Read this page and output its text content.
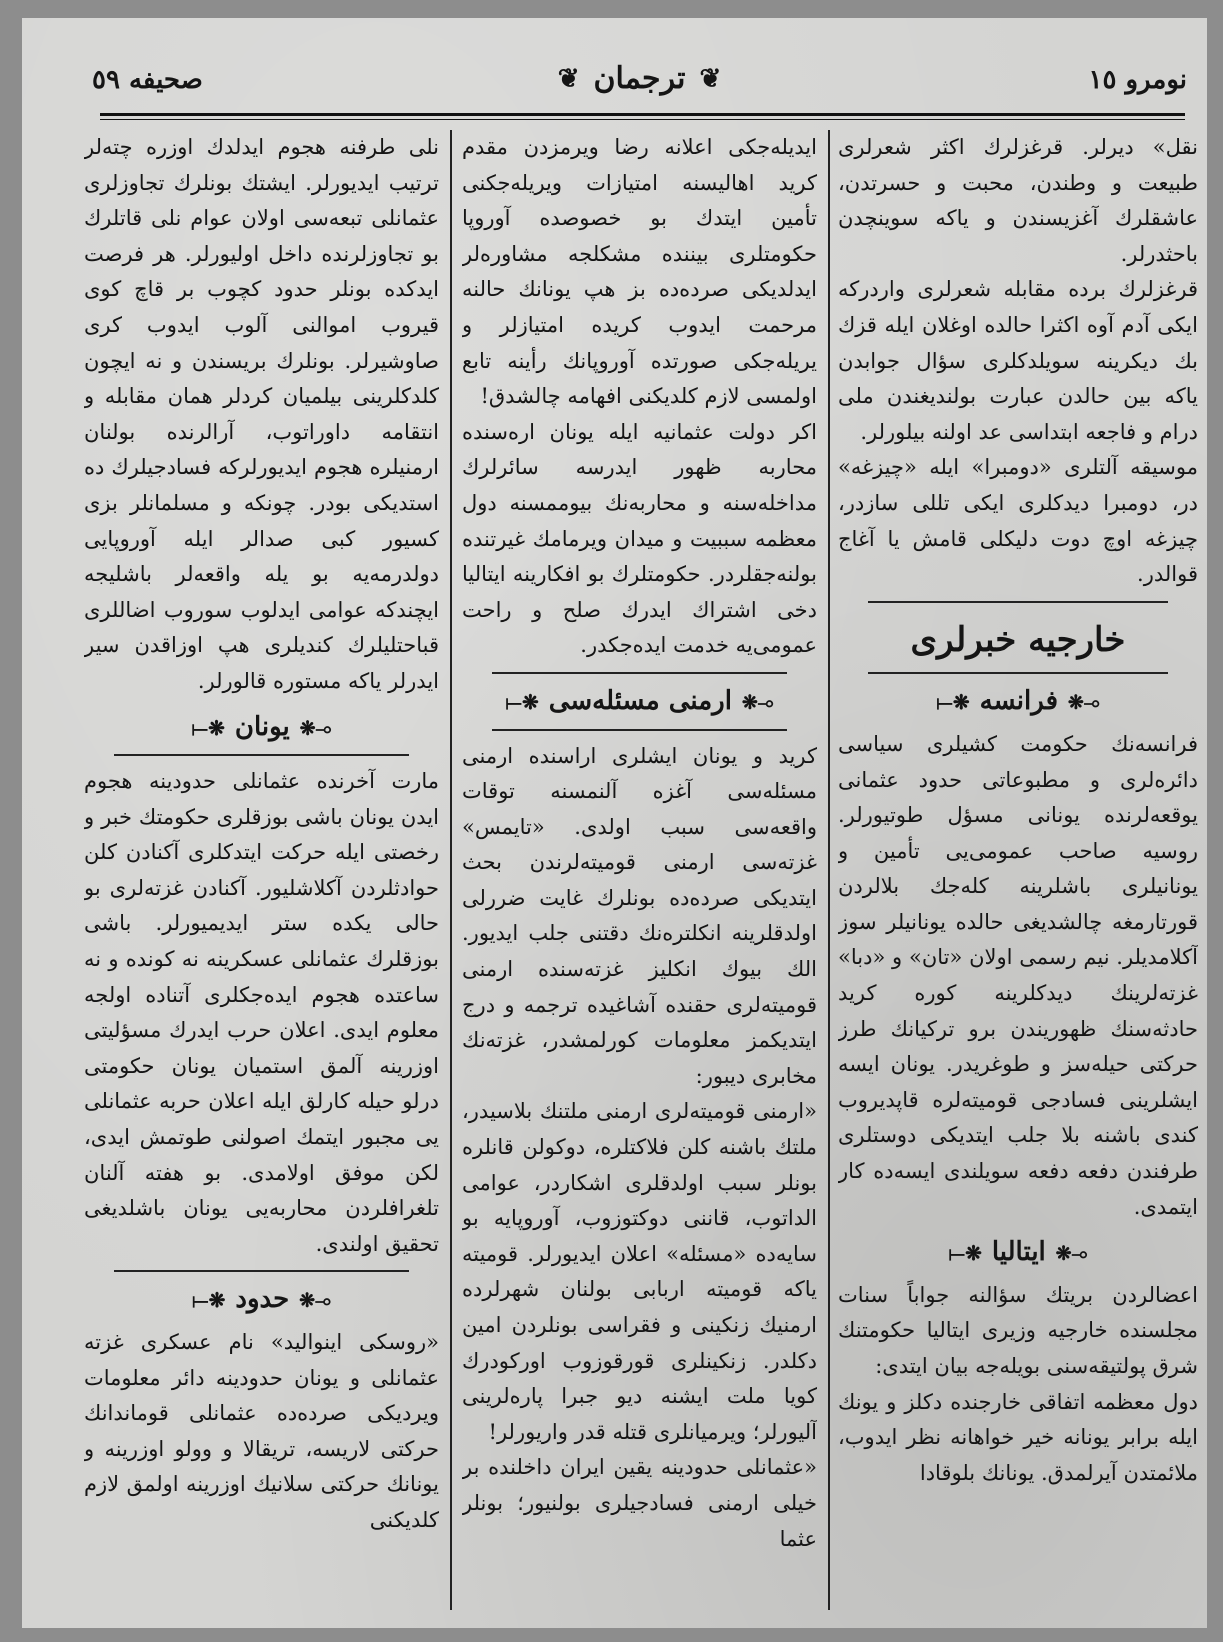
نومرو ١٥
❦
ترجمان
❦
صحیفه ٥٩

نقل» دیرلر. قرغزلرك اكثر شعرلری طبیعت و وطندن، محبت و حسرتدن، عاشقلرك آغزیسندن و یاكه سوینچدن باحثدرلر.

قرغزلرك برده مقابله شعرلری واردركه ایكی آدم آوه اكثرا حالده اوغلان ایله قزك بك دیكرینه سویلدكلری سؤال جوابدن یاكه بین حالدن عبارت بولندیغندن ملی درام و فاجعه ابتداسی عد اولنه بیلورلر.

موسیقه آلتلری «دومبرا» ایله «چیزغه» در، دومبرا دیدكلری ایكی تللی سازدر، چیزغه اوچ دوت دلیكلی قامش یا آغاج قوالدر.

خارجیه خبرلری

⟜❋فرانسه❋⟞

فرانسه‌نك حكومت كشیلری سیاسی دائره‌لری و مطبوعاتی حدود عثمانی یوقعه‌لرنده یونانی مسؤل طوتیورلر. روسیه صاحب عمومی‌یی تأمین و یونانیلری باشلرینه كله‌جك بلالردن قورتارمغه چالشدیغی حالده یونانیلر سوز آكلامدیلر. نیم رسمی اولان «تان» و «دبا» غزته‌لرینك دیدكلرینه كوره كرید حادثه‌سنك ظهوریندن برو تركیانك طرز حركتی حیله‌سز و طوغریدر. یونان ایسه ایشلرینی فسادجی قومیته‌لره قاپدیروب كندی باشنه بلا جلب ایتدیكی دوستلری طرفندن دفعه دفعه سویلندی ایسه‌ده كار ایتمدی.

⟜❋ایتالیا❋⟞

اعضالردن بریتك سؤالنه جواباً سنات مجلسنده خارجیه وزیری ایتالیا حكومتنك شرق پولتیقه‌سنی بویله‌جه بیان ایتدی:

دول معظمه اتفاقی خارجنده دكلز و یونك ایله برابر یونانه خیر خواهانه نظر ایدوب، ملائمتدن آیرلمدق. یونانك بلوقادا

ایدیله‌جكی اعلانه رضا ویرمزدن مقدم كرید اهالیسنه امتیازات ویریله‌جكنی تأمین ایتدك بو خصوصده آوروپا حكومتلری بیننده مشكلجه مشاوره‌لر ایدلدیكی صرده‌ده بز هپ یونانك حالنه مرحمت ایدوب كریده امتیازلر و یریله‌جكی صورتده آوروپانك رأینه تابع اولمسی لازم كلدیكنی افهامه چالشدق!

اكر دولت عثمانیه ایله یونان اره‌سنده محاربه ظهور ایدرسه سائرلرك مداخله‌سنه و محاربه‌نك بیوممسنه دول معظمه سببیت و میدان ویرمامك غیرتنده بولنه‌جقلردر. حكومتلرك بو افكارینه ایتالیا دخی اشتراك ایدرك صلح و راحت عمومی‌یه خدمت ایده‌جكدر.

⟜❋ارمنی مسئله‌سی❋⟞

كرید و یونان ایشلری اراسنده ارمنی مسئله‌سی آغزه آلنمسنه توقات واقعه‌سی سبب اولدی. «تایمس» غزته‌سی ارمنی قومیته‌لرندن بحث ایتدیكی صرده‌ده بونلرك غایت ضررلی اولدقلرینه انكلتره‌نك دقتنی جلب ایدیور. الك بیوك انكلیز غزته‌سنده ارمنی قومیته‌لری حقنده آشاغیده ترجمه و درج ایتدیكمز معلومات كورلمشدر، غزته‌نك مخابری دیبور:

«ارمنی قومیته‌لری ارمنی ملتنك بلاسیدر، ملتك باشنه كلن فلاكتلره، دوكولن قانلره بونلر سبب اولدقلری اشكاردر، عوامی الداتوب، قاننی دوكتوزوب، آوروپایه بو سایه‌ده «مسئله» اعلان ایدیورلر. قومیته یاكه قومیته اربابی بولنان شهرلرده ارمنیك زنكینی و فقراسی بونلردن امین دكلدر. زنكینلری قورقوزوب اوركودرك كویا ملت ایشنه دیو جبرا پاره‌لرینی آلیورلر؛ ویرمیانلری قتله قدر واریورلر!

«عثمانلی حدودینه یقین ایران داخلنده بر خیلی ارمنی فسادجیلری بولنیور؛ بونلر عثما

نلی طرفنه هجوم ایدلدك اوزره چته‌لر ترتیب ایدیورلر. ایشتك بونلرك تجاوزلری عثمانلی تبعه‌سی اولان عوام نلی قاتلرك بو تجاوزلرنده داخل اولیورلر. هر فرصت ایدكده بونلر حدود كچوب بر قاچ كوی قیروب اموالنی آلوب ایدوب كری صاوشیرلر. بونلرك بریسندن و نه ایچون كلدكلرینی بیلمیان كردلر همان مقابله و انتقامه داوراتوب، آرالرنده بولنان ارمنیلره هجوم ایدیورلركه فسادجیلرك ده استدیكی بودر. چونكه و مسلمانلر بزی كسیور كبی صدالر ایله آوروپایی دولدرمه‌یه بو یله واقعه‌لر باشلیجه ایچندكه عوامی ایدلوب سوروب اضاللری قباحتلیلرك كندیلری هپ اوزاقدن سیر ایدرلر یاكه مستوره قالورلر.

⟜❋یونان❋⟞

مارت آخرنده عثمانلی حدودینه هجوم ایدن یونان باشی بوزقلری حكومتك خبر و رخصتی ایله حركت ایتدكلری آكنادن كلن حوادثلردن آكلاشلیور. آكنادن غزته‌لری بو حالی یكده ستر ایدیمیورلر. باشی بوزقلرك عثمانلی عسكرینه نه كونده و نه ساعتده هجوم ایده‌جكلری آتناده اولجه معلوم ایدی. اعلان حرب ایدرك مسؤلیتی اوزرینه آلمق استمیان یونان حكومتی درلو حیله كارلق ایله اعلان حربه عثمانلی یی مجبور ایتمك اصولنی طوتمش ایدی، لكن موفق اولامدی. بو هفته آلنان تلغرافلردن محاربه‌یی یونان باشلدیغی تحقیق اولندی.

⟜❋حدود❋⟞

«روسكی اینوالید» نام عسكری غزته عثمانلی و یونان حدودینه دائر معلومات ویردیكی صرده‌ده عثمانلی قوماندانك حركتی لاریسه، تریقالا و وولو اوزرینه و یونانك حركتی سلانیك اوزرینه اولمق لازم كلدیكنی
